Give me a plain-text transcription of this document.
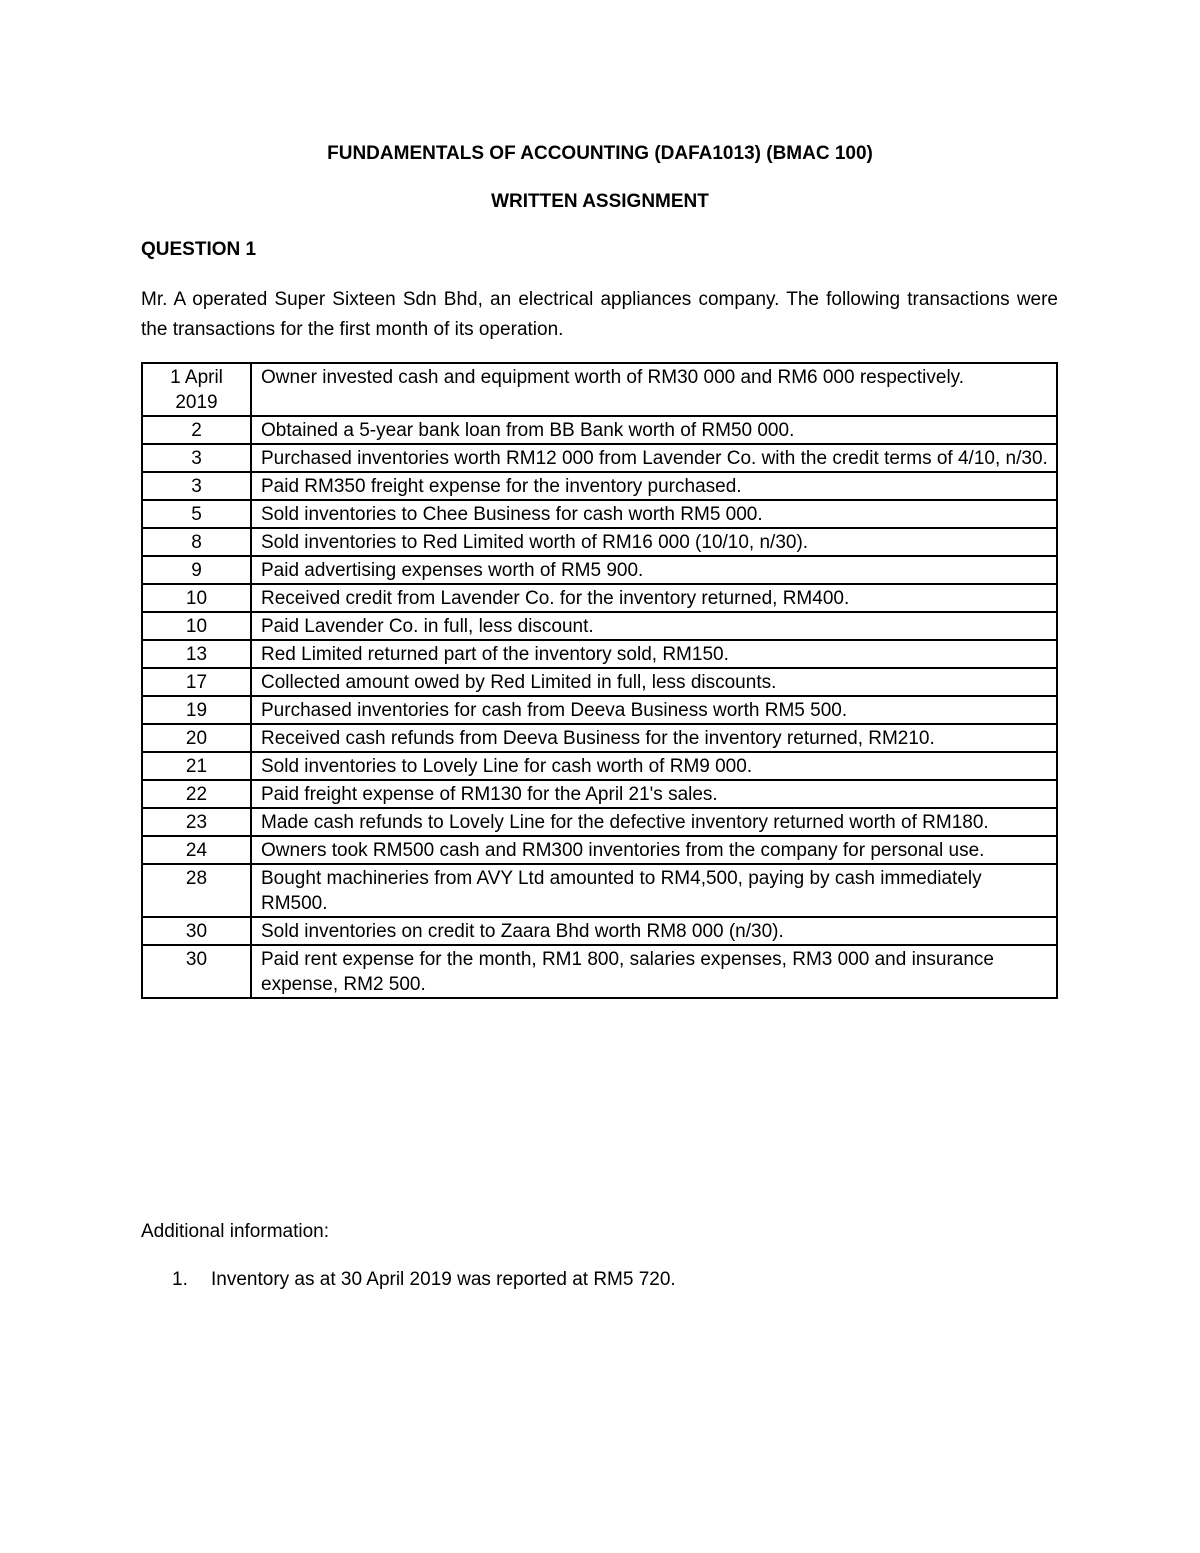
FUNDAMENTALS OF ACCOUNTING (DAFA1013) (BMAC 100)
WRITTEN ASSIGNMENT
QUESTION 1
Mr. A operated Super Sixteen Sdn Bhd, an electrical appliances company. The following transactions were the transactions for the first month of its operation.
1 April 2019	Owner invested cash and equipment worth of RM30 000 and RM6 000 respectively.
2	Obtained a 5-year bank loan from BB Bank worth of RM50 000.
3	Purchased inventories worth RM12 000 from Lavender Co. with the credit terms of 4/10, n/30.
3	Paid RM350 freight expense for the inventory purchased.
5	Sold inventories to Chee Business for cash worth RM5 000.
8	Sold inventories to Red Limited worth of RM16 000 (10/10, n/30).
9	Paid advertising expenses worth of RM5 900.
10	Received credit from Lavender Co. for the inventory returned, RM400.
10	Paid Lavender Co. in full, less discount.
13	Red Limited returned part of the inventory sold, RM150.
17	Collected amount owed by Red Limited in full, less discounts.
19	Purchased inventories for cash from Deeva Business worth RM5 500.
20	Received cash refunds from Deeva Business for the inventory returned, RM210.
21	Sold inventories to Lovely Line for cash worth of RM9 000.
22	Paid freight expense of RM130 for the April 21's sales.
23	Made cash refunds to Lovely Line for the defective inventory returned worth of RM180.
24	Owners took RM500 cash and RM300 inventories from the company for personal use.
28	Bought machineries from AVY Ltd amounted to RM4,500, paying by cash immediately RM500.
30	Sold inventories on credit to Zaara Bhd worth RM8 000 (n/30).
30	Paid rent expense for the month, RM1 800, salaries expenses, RM3 000 and insurance expense, RM2 500.
Additional information:
1. Inventory as at 30 April 2019 was reported at RM5 720.
